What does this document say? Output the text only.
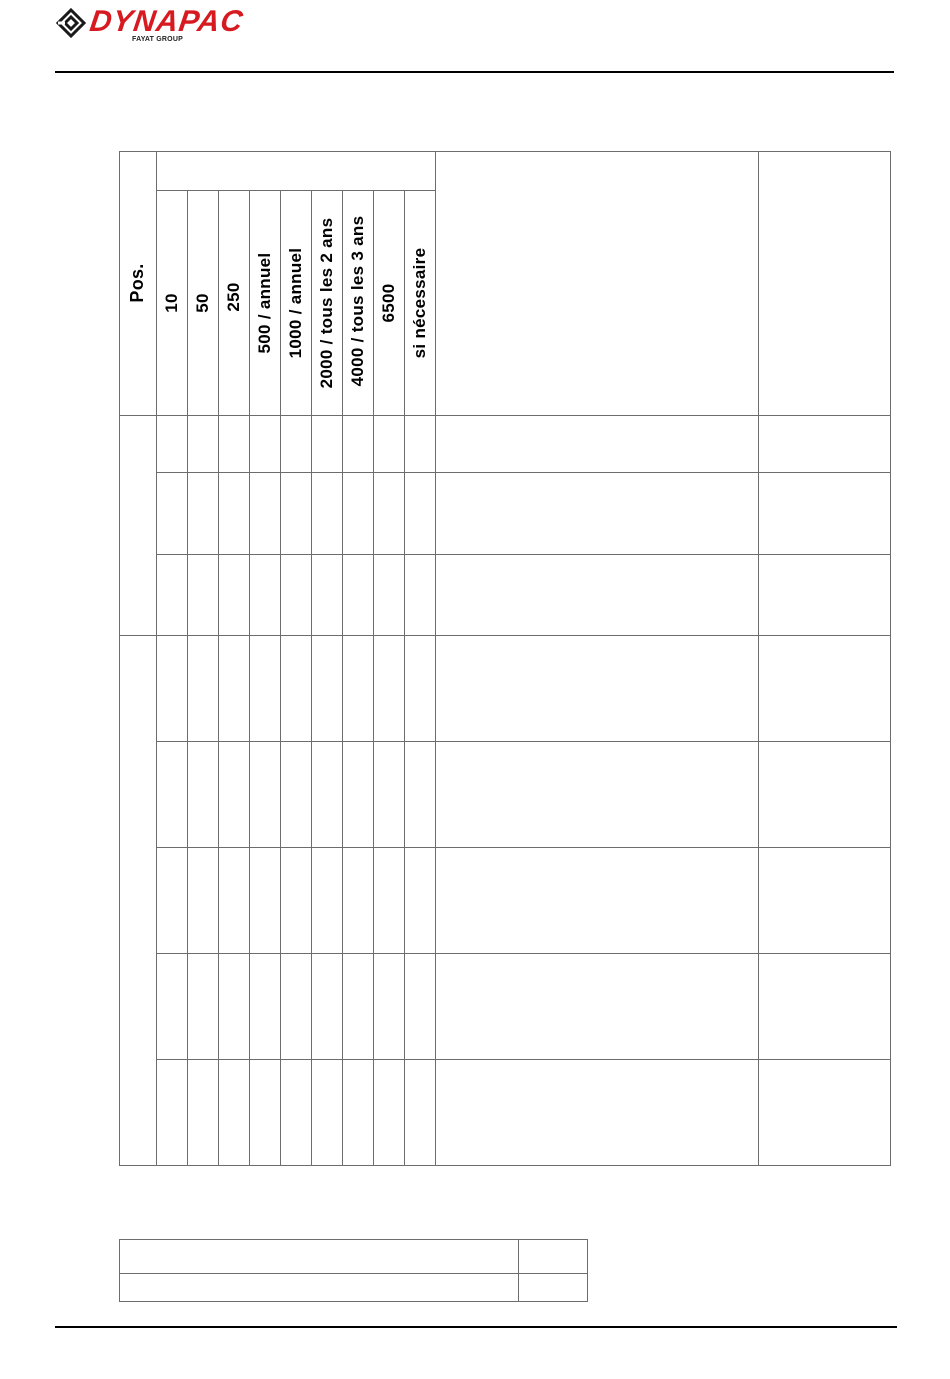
DYNAPAC
FAYAT GROUP
Pos.
10 50 250 500 / annuel 1000 / annuel 2000 / tous les 2 ans 4000 / tous les 3 ans 6500 si nécessaire
